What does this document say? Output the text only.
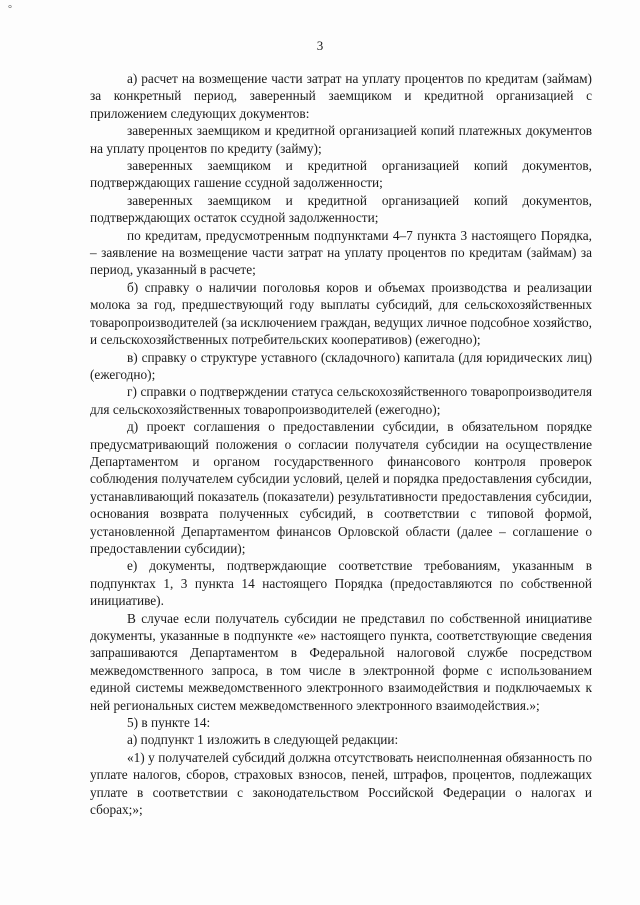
°
3

а) расчет на возмещение части затрат на уплату процентов по кредитам (займам) за конкретный период, заверенный заемщиком и кредитной организацией с приложением следующих документов:

заверенных заемщиком и кредитной организацией копий платежных документов на уплату процентов по кредиту (займу);

заверенных заемщиком и кредитной организацией копий документов, подтверждающих гашение ссудной задолженности;

заверенных заемщиком и кредитной организацией копий документов, подтверждающих остаток ссудной задолженности;

по кредитам, предусмотренным подпунктами 4–7 пункта 3 настоящего Порядка, – заявление на возмещение части затрат на уплату процентов по кредитам (займам) за период, указанный в расчете;

б) справку о наличии поголовья коров и объемах производства и реализации молока за год, предшествующий году выплаты субсидий, для сельскохозяйственных товаропроизводителей (за исключением граждан, ведущих личное подсобное хозяйство, и сельскохозяйственных потребительских кооперативов) (ежегодно);

в) справку о структуре уставного (складочного) капитала (для юридических лиц) (ежегодно);

г) справки о подтверждении статуса сельскохозяйственного товаропроизводителя для сельскохозяйственных товаропроизводителей (ежегодно);

д) проект соглашения о предоставлении субсидии, в обязательном порядке предусматривающий положения о согласии получателя субсидии на осуществление Департаментом и органом государственного финансового контроля проверок соблюдения получателем субсидии условий, целей и порядка предоставления субсидии, устанавливающий показатель (показатели) результативности предоставления субсидии, основания возврата полученных субсидий, в соответствии с типовой формой, установленной Департаментом финансов Орловской области (далее – соглашение о предоставлении субсидии);

е) документы, подтверждающие соответствие требованиям, указанным в подпунктах 1, 3 пункта 14 настоящего Порядка (предоставляются по собственной инициативе).

В случае если получатель субсидии не представил по собственной инициативе документы, указанные в подпункте «е» настоящего пункта, соответствующие сведения запрашиваются Департаментом в Федеральной налоговой службе посредством межведомственного запроса, в том числе в электронной форме с использованием единой системы межведомственного электронного взаимодействия и подключаемых к ней региональных систем межведомственного электронного взаимодействия.»;

5) в пункте 14:

а) подпункт 1 изложить в следующей редакции:

«1) у получателей субсидий должна отсутствовать неисполненная обязанность по уплате налогов, сборов, страховых взносов, пеней, штрафов, процентов, подлежащих уплате в соответствии с законодательством Российской Федерации о налогах и сборах;»;
